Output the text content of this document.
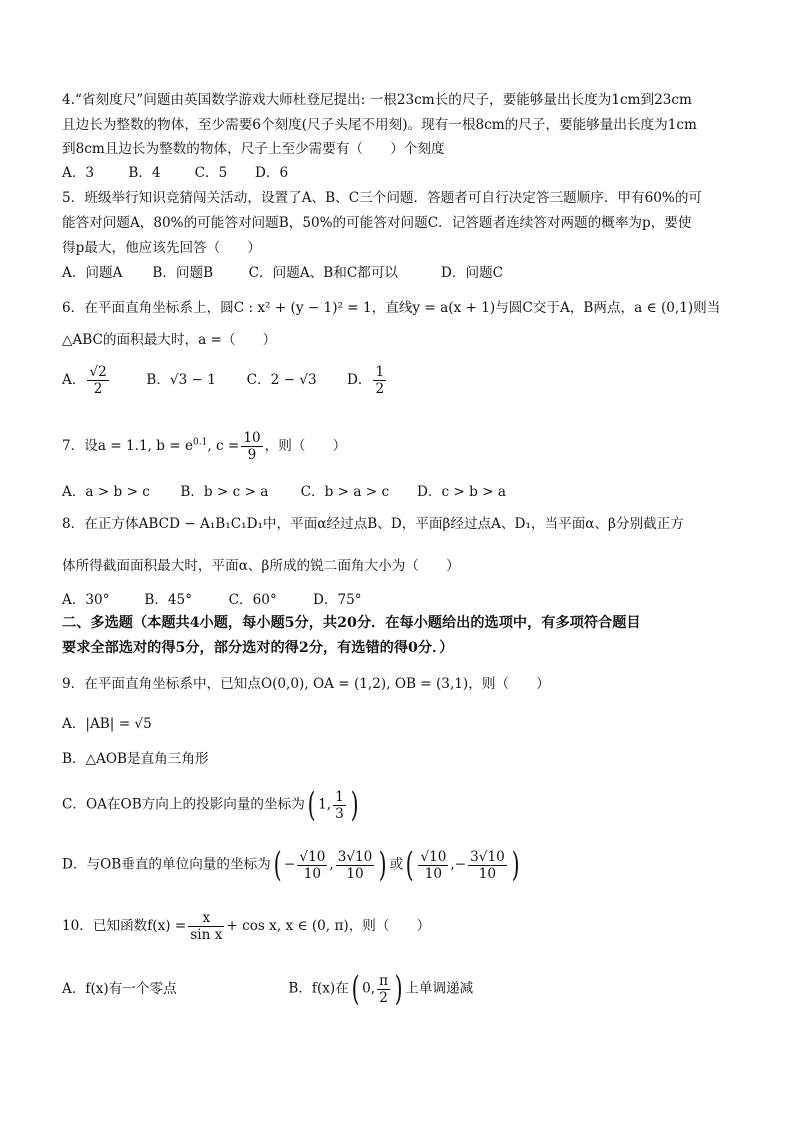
4.“省刻度尺”问题由英国数学游戏大师杜登尼提出: 一根23cm长的尺子，要能够量出长度为1cm到23cm
且边长为整数的物体，至少需要6个刻度(尺子头尾不用刻)。现有一根8cm的尺子，要能够量出长度为1cm
到8cm且边长为整数的物体，尺子上至少需要有（　　）个刻度
A．3	B．4	C．5 D．6
5．班级举行知识竞猜闯关活动，设置了A、B、C三个问题．答题者可自行决定答三题顺序．甲有60%的可
能答对问题A，80%的可能答对问题B，50%的可能答对问题C．记答题者连续答对两题的概率为p，要使
得p最大，他应该先回答（　　）
A．问题A B．问题B	C．问题A、B和C都可以	D．问题C
6．在平面直角坐标系上，圆C : x² + (y − 1)² = 1，直线y = a(x + 1)与圆C交于A，B两点，a ∈ (0,1)则当
△ABC的面积最大时，a =（　　）
A． $\frac{√2}{2}$	B．√3 − 1 C．2 − √3 D． $\frac{1}{2}$
7．设a = 1.1, $b = e^{0.1}$, $c = \frac{10}{9}$ ，则（　　）
A．a > b > c B．b > c > a C．b > a > c D．c > b > a
8．在正方体ABCD − A₁B₁C₁D₁中，平面α经过点B、D，平面β经过点A、D₁，当平面α、β分别截正方
体所得截面面积最大时，平面α、β所成的锐二面角大小为（　　）
A．30°	B．45°	C．60°	D．75°
二、多选题（本题共4小题，每小题5分，共20分．在每小题给出的选项中，有多项符合题目
要求全部选对的得5分，部分选对的得2分，有选错的得0分．）
9．在平面直角坐标系中，已知点O(0,0), OA = (1,2), OB = (3,1)，则（　　）
A．|AB| = √5
B．△AOB是直角三角形
C．OA在OB方向上的投影向量的坐标为( 1, $\frac{1}{3}$ )
D．与OB垂直的单位向量的坐标为( − $\frac{√10}{10}$ , $\frac{3√10}{10}$ ) 或( $\frac{√10}{10}$ ,− $\frac{3√10}{10}$ )
10．已知函数$f(x) = \frac{x}{\text{sin x}} + \cos x$, x ∈ (0, π)，则（　　）
A．f(x)有一个零点	B．f(x)在( 0, $\frac{\pi}{2}$ ) 上单调递减
